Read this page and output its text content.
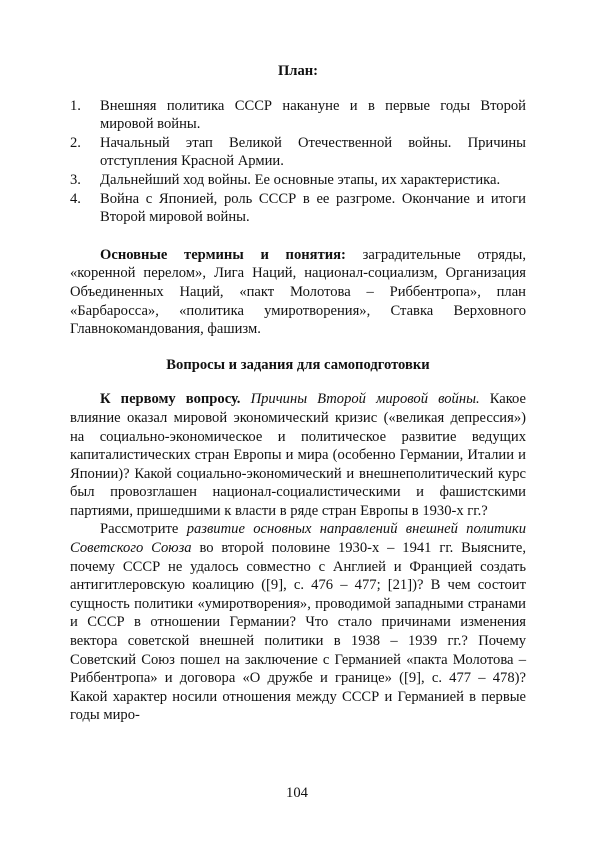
План:
1. Внешняя политика СССР накануне и в первые годы Второй мировой войны.
2. Начальный этап Великой Отечественной войны. Причины отступления Красной Армии.
3. Дальнейший ход войны. Ее основные этапы, их характеристика.
4. Война с Японией, роль СССР в ее разгроме. Окончание и итоги Второй мировой войны.

Основные термины и понятия: заградительные отряды, «коренной перелом», Лига Наций, национал-социализм, Организация Объединенных Наций, «пакт Молотова – Риббентропа», план «Барбаросса», «политика умиротворения», Ставка Верховного Главнокомандования, фашизм.

Вопросы и задания для самоподготовки

К первому вопросу. Причины Второй мировой войны. Какое влияние оказал мировой экономический кризис («великая депрессия») на социально-экономическое и политическое развитие ведущих капиталистических стран Европы и мира (особенно Германии, Италии и Японии)? Какой социально-экономический и внешнеполитический курс был провозглашен национал-социалистическими и фашистскими партиями, пришедшими к власти в ряде стран Европы в 1930-х гг.?

Рассмотрите развитие основных направлений внешней политики Советского Союза во второй половине 1930-х – 1941 гг. Выясните, почему СССР не удалось совместно с Англией и Францией создать антигитлеровскую коалицию ([9], с. 476 – 477; [21])? В чем состоит сущность политики «умиротворения», проводимой западными странами и СССР в отношении Германии? Что стало причинами изменения вектора советской внешней политики в 1938 – 1939 гг.? Почему Советский Союз пошел на заключение с Германией «пакта Молотова – Риббентропа» и договора «О дружбе и границе» ([9], с. 477 – 478)? Какой характер носили отношения между СССР и Германией в первые годы миро-

104
